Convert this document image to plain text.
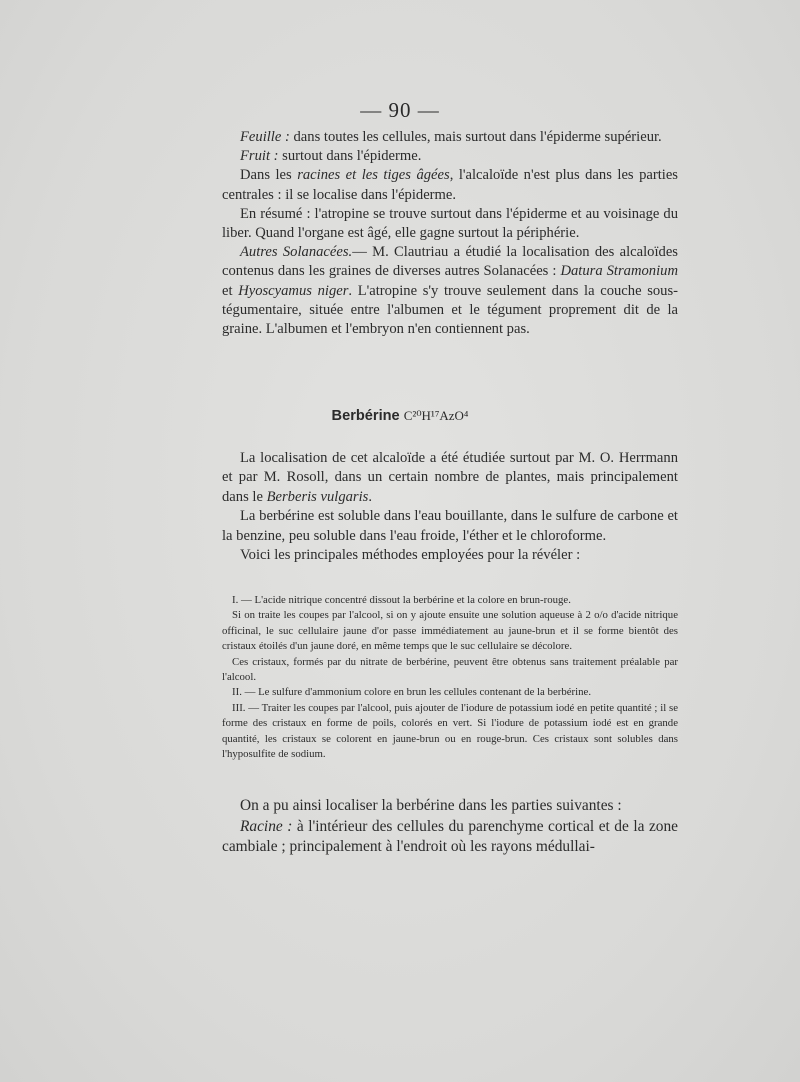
— 90 —

Feuille : dans toutes les cellules, mais surtout dans l'épiderme supérieur.

Fruit : surtout dans l'épiderme.

Dans les racines et les tiges âgées, l'alcaloïde n'est plus dans les parties centrales : il se localise dans l'épiderme.

En résumé : l'atropine se trouve surtout dans l'épiderme et au voisinage du liber. Quand l'organe est âgé, elle gagne surtout la périphérie.

Autres Solanacées.— M. Clautriau a étudié la localisation des alcaloïdes contenus dans les graines de diverses autres Solanacées : Datura Stramonium et Hyoscyamus niger. L'atropine s'y trouve seulement dans la couche sous-tégumentaire, située entre l'albumen et le tégument proprement dit de la graine. L'albumen et l'embryon n'en contiennent pas.

Berbérine C²⁰H¹⁷AzO⁴

La localisation de cet alcaloïde a été étudiée surtout par M. O. Herrmann et par M. Rosoll, dans un certain nombre de plantes, mais principalement dans le Berberis vulgaris.

La berbérine est soluble dans l'eau bouillante, dans le sulfure de carbone et la benzine, peu soluble dans l'eau froide, l'éther et le chloroforme.

Voici les principales méthodes employées pour la révéler :

I. — L'acide nitrique concentré dissout la berbérine et la colore en brun-rouge.

Si on traite les coupes par l'alcool, si on y ajoute ensuite une solution aqueuse à 2 o/o d'acide nitrique officinal, le suc cellulaire jaune d'or passe immédiatement au jaune-brun et il se forme bientôt des cristaux étoilés d'un jaune doré, en même temps que le suc cellulaire se décolore.

Ces cristaux, formés par du nitrate de berbérine, peuvent être obtenus sans traitement préalable par l'alcool.

II. — Le sulfure d'ammonium colore en brun les cellules contenant de la berbérine.

III. — Traiter les coupes par l'alcool, puis ajouter de l'iodure de potassium iodé en petite quantité ; il se forme des cristaux en forme de poils, colorés en vert. Si l'iodure de potassium iodé est en grande quantité, les cristaux se colorent en jaune-brun ou en rouge-brun. Ces cristaux sont solubles dans l'hyposulfite de sodium.

On a pu ainsi localiser la berbérine dans les parties suivantes :

Racine : à l'intérieur des cellules du parenchyme cortical et de la zone cambiale ; principalement à l'endroit où les rayons médullai-
